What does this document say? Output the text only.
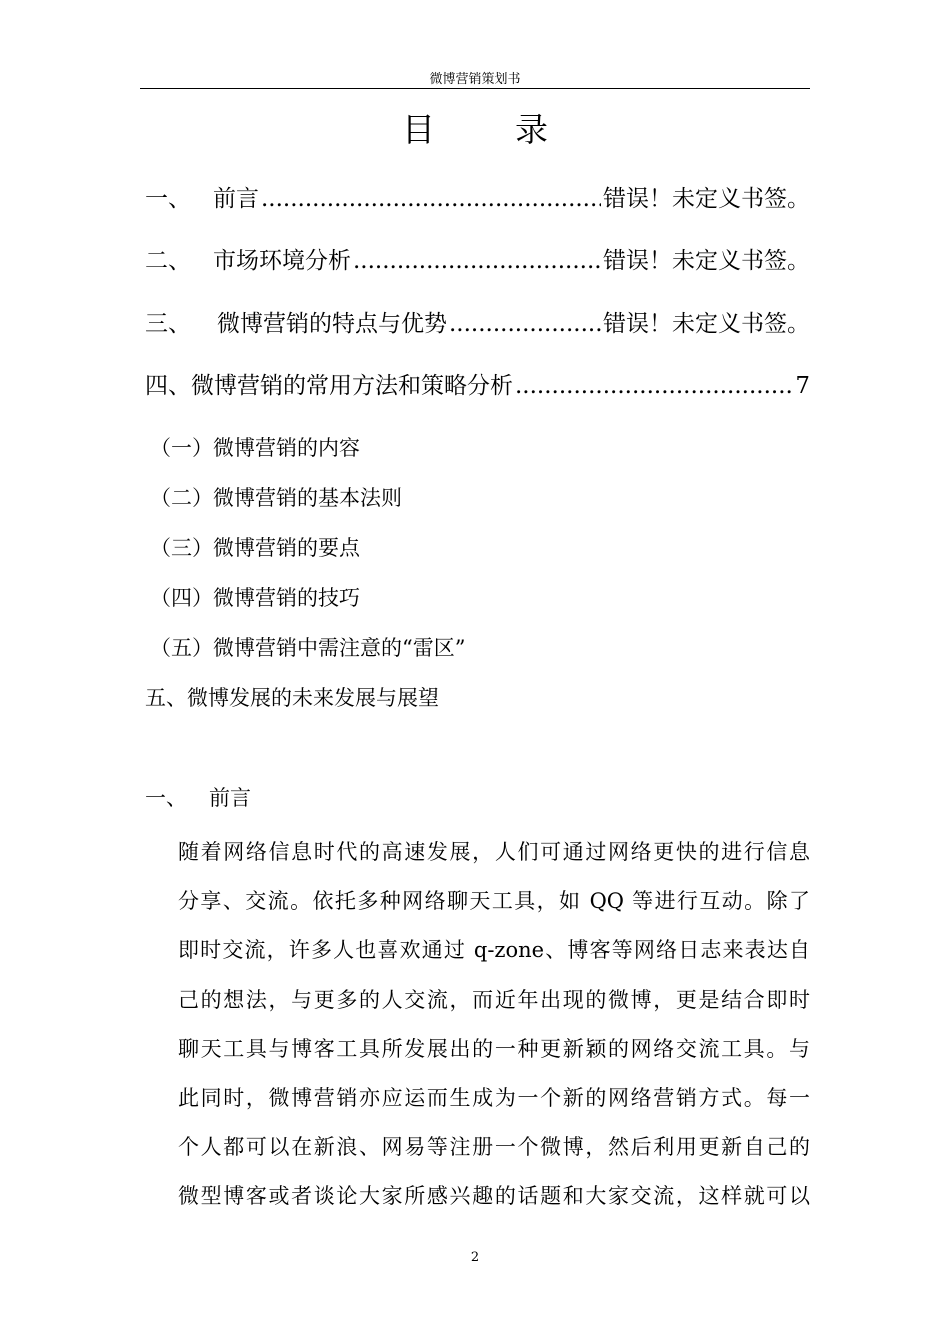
微博营销策划书
目录
一、 前言 .....	错误！未定义书签。
二、 市场环境分析 .....	错误！未定义书签。
三、	微博营销的特点与优势 .....	错误！未定义书签。
四、 微博营销的常用方法和策略分析 .....	7
（一）微博营销的内容
（二）微博营销的基本法则
（三）微博营销的要点
（四）微博营销的技巧
（五）微博营销中需注意的“雷区”
五、微博发展的未来发展与展望
一、 前言
随着网络信息时代的高速发展，人们可通过网络更快的进行信息
分享、交流。依托多种网络聊天工具，如 QQ 等进行互动。除了
即时交流，许多人也喜欢通过 q-zone、博客等网络日志来表达自
己的想法，与更多的人交流，而近年出现的微博，更是结合即时
聊天工具与博客工具所发展出的一种更新颖的网络交流工具。与
此同时，微博营销亦应运而生成为一个新的网络营销方式。每一
个人都可以在新浪、网易等注册一个微博，然后利用更新自己的
微型博客或者谈论大家所感兴趣的话题和大家交流，这样就可以
2
